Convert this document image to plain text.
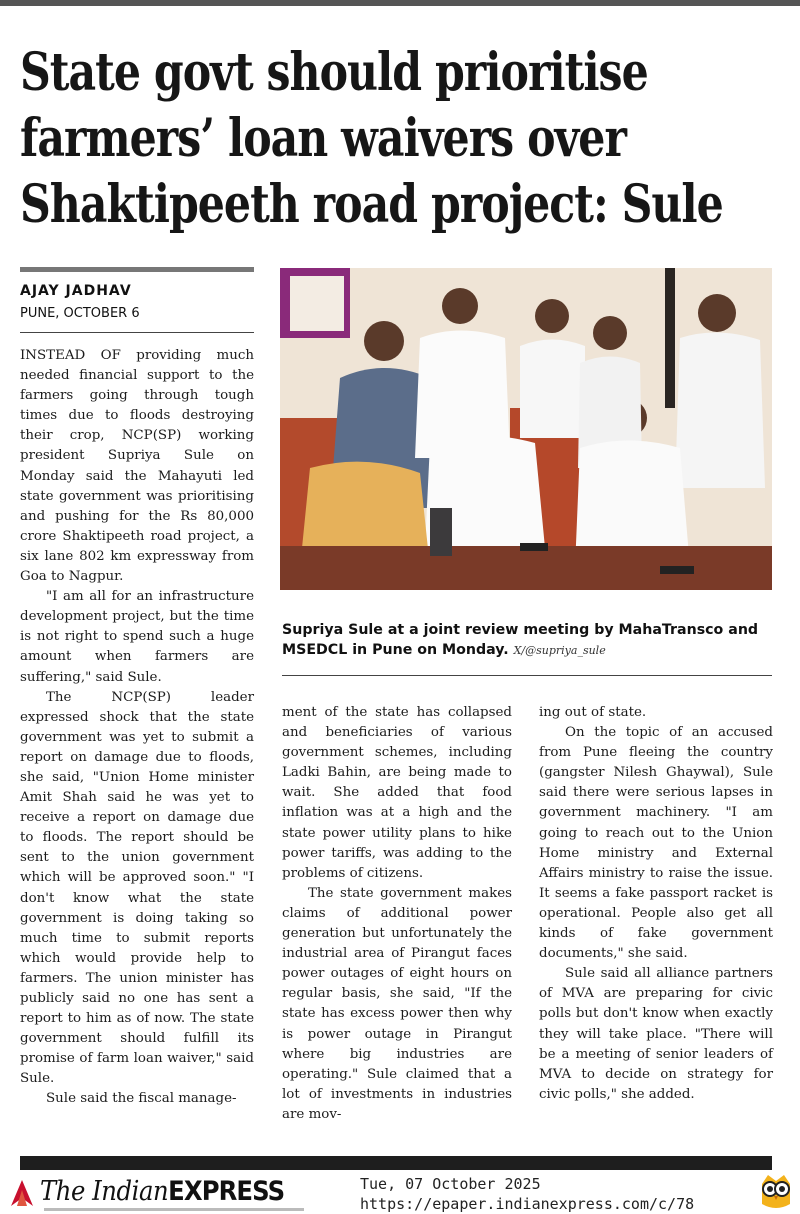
State govt should prioritise
farmers’ loan waivers over
Shaktipeeth road project: Sule
AJAY JADHAV
PUNE, OCTOBER 6

INSTEAD OF providing much needed financial support to the farmers going through tough times due to floods destroying their crop, NCP(SP) working president Supriya Sule on Monday said the Mahayuti led state government was prioritising and pushing for the Rs 80,000 crore Shaktipeeth road project, a six lane 802 km expressway from Goa to Nagpur.

"I am all for an infrastructure development project, but the time is not right to spend such a huge amount when farmers are suffering," said Sule.

The NCP(SP) leader expressed shock that the state government was yet to submit a report on damage due to floods, she said, "Union Home minister Amit Shah said he was yet to receive a report on damage due to floods. The report should be sent to the union government which will be approved soon." "I don't know what the state government is doing taking so much time to submit reports which would provide help to farmers. The union minister has publicly said no one has sent a report to him as of now. The state government should fulfill its promise of farm loan waiver," said Sule.

Sule said the fiscal manage-

Supriya Sule at a joint review meeting by MahaTransco and MSEDCL in Pune on Monday. X/@supriya_sule

ment of the state has collapsed and beneficiaries of various government schemes, including Ladki Bahin, are being made to wait. She added that food inflation was at a high and the state power utility plans to hike power tariffs, was adding to the problems of citizens.

The state government makes claims of additional power generation but unfortunately the industrial area of Pirangut faces power outages of eight hours on regular basis, she said, "If the state has excess power then why is power outage in Pirangut where big industries are operating." Sule claimed that a lot of investments in industries are mov-

ing out of state.

On the topic of an accused from Pune fleeing the country (gangster Nilesh Ghaywal), Sule said there were serious lapses in government machinery. "I am going to reach out to the Union Home ministry and External Affairs ministry to raise the issue. It seems a fake passport racket is operational. People also get all kinds of fake government documents," she said.

Sule said all alliance partners of MVA are preparing for civic polls but don't know when exactly they will take place. "There will be a meeting of senior leaders of MVA to decide on strategy for civic polls," she added.

The IndianEXPRESS	Tue, 07 October 2025
https://epaper.indianexpress.com/c/78
